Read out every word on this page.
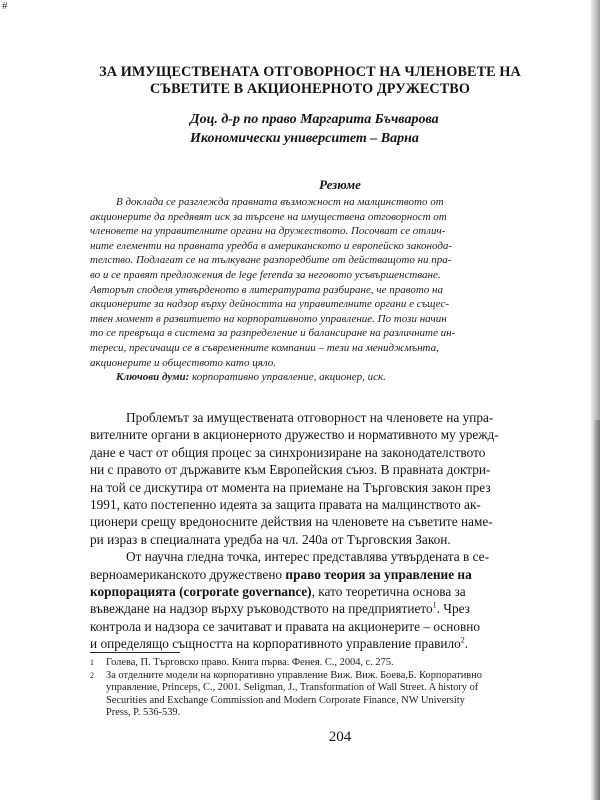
#
ЗА ИМУЩЕСТВЕНАТА ОТГОВОРНОСТ НА ЧЛЕНОВЕТЕ НА
СЪВЕТИТЕ В АКЦИОНЕРНОТО ДРУЖЕСТВО
Доц. д-р по право Маргарита Бъчварова
Икономически университет – Варна
Резюме
В доклада се разглежда правната възможност на малцинството от
акционерите да предявят иск за търсене на имуществена отговорност от
членовете на управителните органи на дружеството. Посочват се отлич-
ните елементи на правната уредба в американското и европейско законода-
телство. Подлагат се на тълкуване разпоредбите от действащото ни пра-
во и се правят предложения de lege ferenda за неговото усъвършенстване.
Авторът споделя утвърденото в литературата разбиране, че правото на
акционерите за надзор върху дейността на управителните органи е същес-
твен момент в развитието на корпоративното управление. По този начин
то се превръща в система за разпределение и балансиране на различните ин-
тереси, пресичащи се в съвременните компании – тези на мениджмънта,
акционерите и обществото като цяло.
Ключови думи: корпоративно управление, акционер, иск.
Проблемът за имуществената отговорност на членовете на упра-
вителните органи в акционерното дружество и нормативното му урежд-
дане е част от общия процес за синхронизиране на законодателството
ни с правото от държавите към Европейския съюз. В правната доктри-
на той се дискутира от момента на приемане на Търговския закон през
1991, като постепенно идеята за защита правата на малцинството ак-
ционери срещу вредоносните действия на членовете на съветите наме-
ри израз в специалната уредба на чл. 240а от Търговския Закон.
От научна гледна точка, интерес представлява утвърдената в се-
верноамериканското дружествено право теория за управление на
корпорацията (corporate governance), като теоретична основа за
въвеждане на надзор върху ръководството на предприятието$^1$. Чрез
контрола и надзора се зачитават и правата на акционерите – основно
и определящо същността на корпоративното управление правило$^2$.
1 Голева, П. Търговско право. Книга първа. Фенея. С., 2004, с. 275.
2 За отделните модели на корпоративно управление Виж. Виж. Боева,Б. Корпоративно
управление, Princeps, С., 2001. Seligman, J., Transformation of Wall Street. A history of
Securities and Exchange Commission and Modern Corporate Finance, NW University
Press, P. 536-539.
204
